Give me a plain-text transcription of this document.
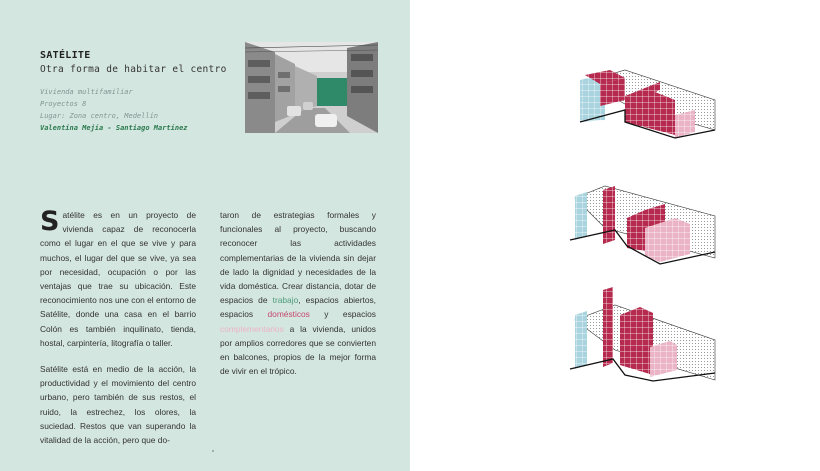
SATÉLITE
Otra forma de habitar el centro
Vivienda multifamiliar
Proyectos 8
Lugar: Zona centro, Medellín
Valentina Mejía - Santiago Martínez

Satélite es en un proyecto de vivienda capaz de reconocerla como el lugar en el que se vive y para muchos, el lugar del que se vive, ya sea por necesidad, ocupación o por las ventajas que trae su ubicación. Este reconocimiento nos une con el entorno de Satélite, donde una casa en el barrio Colón es también inquilinato, tienda, hostal, carpintería, litografía o taller.

Satélite está en medio de la acción, la productividad y el movimiento del centro urbano, pero también de sus restos, el ruido, la estrechez, los olores, la suciedad. Restos que van superando la vitalidad de la acción, pero que do-

taron de estrategias formales y funcionales al proyecto, buscando reconocer las actividades complementarias de la vivienda sin dejar de lado la dignidad y necesidades de la vida doméstica. Crear distancia, dotar de espacios de trabajo, espacios abiertos, espacios domésticos y espacios complementarios a la vivienda, unidos por amplios corredores que se convierten en balcones, propios de la mejor forma de vivir en el trópico.
